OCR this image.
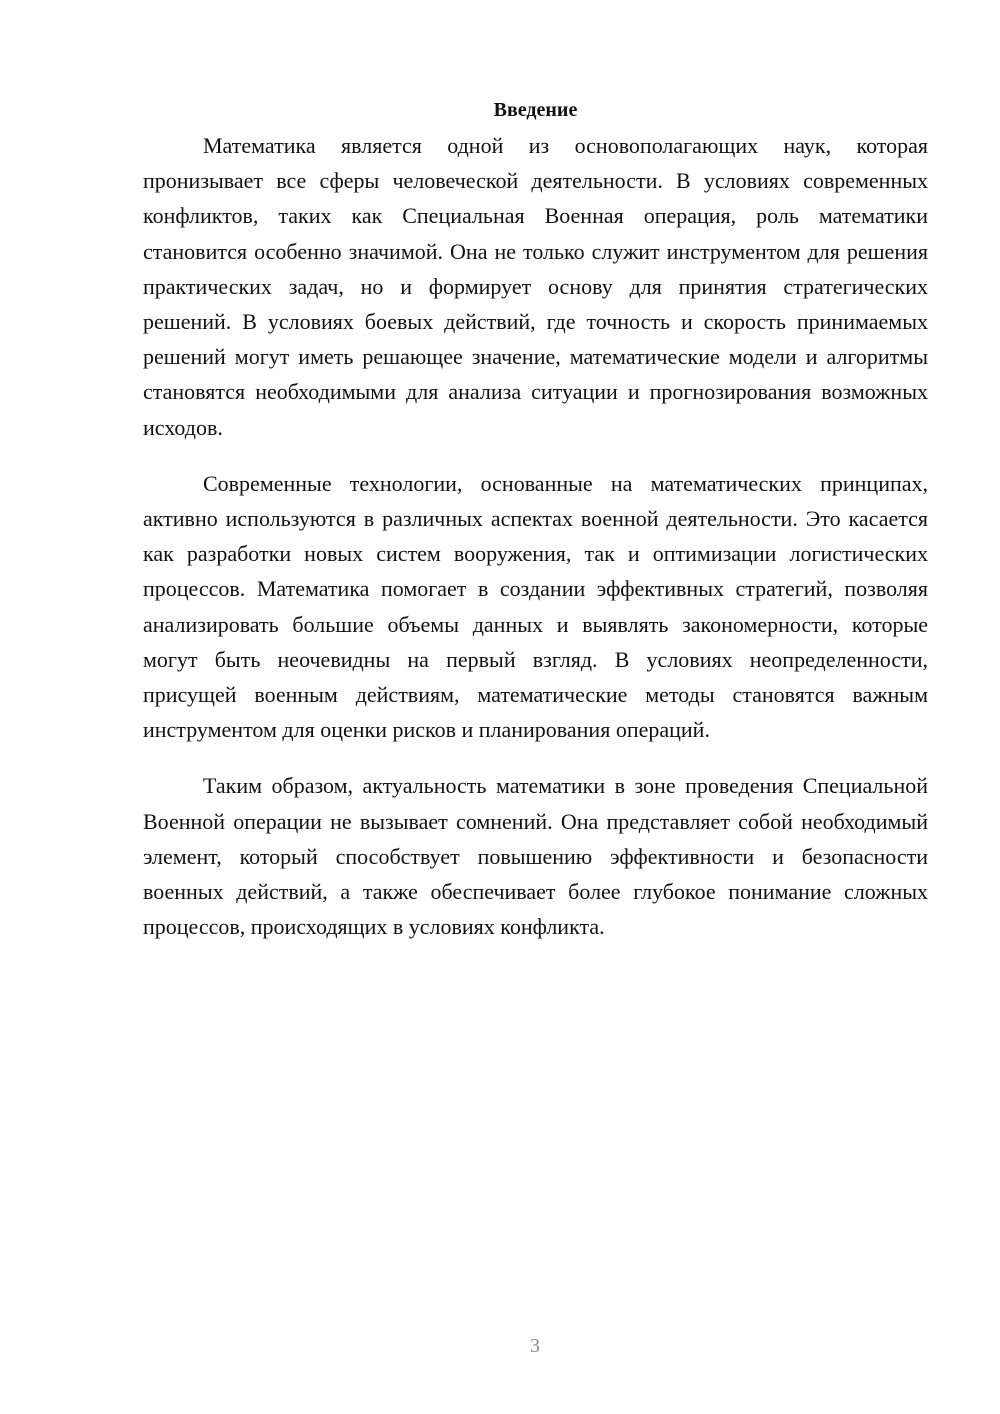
Введение

Математика является одной из основополагающих наук, которая пронизывает все сферы человеческой деятельности. В условиях современных конфликтов, таких как Специальная Военная операция, роль математики становится особенно значимой. Она не только служит инструментом для решения практических задач, но и формирует основу для принятия стратегических решений. В условиях боевых действий, где точность и скорость принимаемых решений могут иметь решающее значение, математические модели и алгоритмы становятся необходимыми для анализа ситуации и прогнозирования возможных исходов.

Современные технологии, основанные на математических принципах, активно используются в различных аспектах военной деятельности. Это касается как разработки новых систем вооружения, так и оптимизации логистических процессов. Математика помогает в создании эффективных стратегий, позволяя анализировать большие объемы данных и выявлять закономерности, которые могут быть неочевидны на первый взгляд. В условиях неопределенности, присущей военным действиям, математические методы становятся важным инструментом для оценки рисков и планирования операций.

Таким образом, актуальность математики в зоне проведения Специальной Военной операции не вызывает сомнений. Она представляет собой необходимый элемент, который способствует повышению эффективности и безопасности военных действий, а также обеспечивает более глубокое понимание сложных процессов, происходящих в условиях конфликта.

3
